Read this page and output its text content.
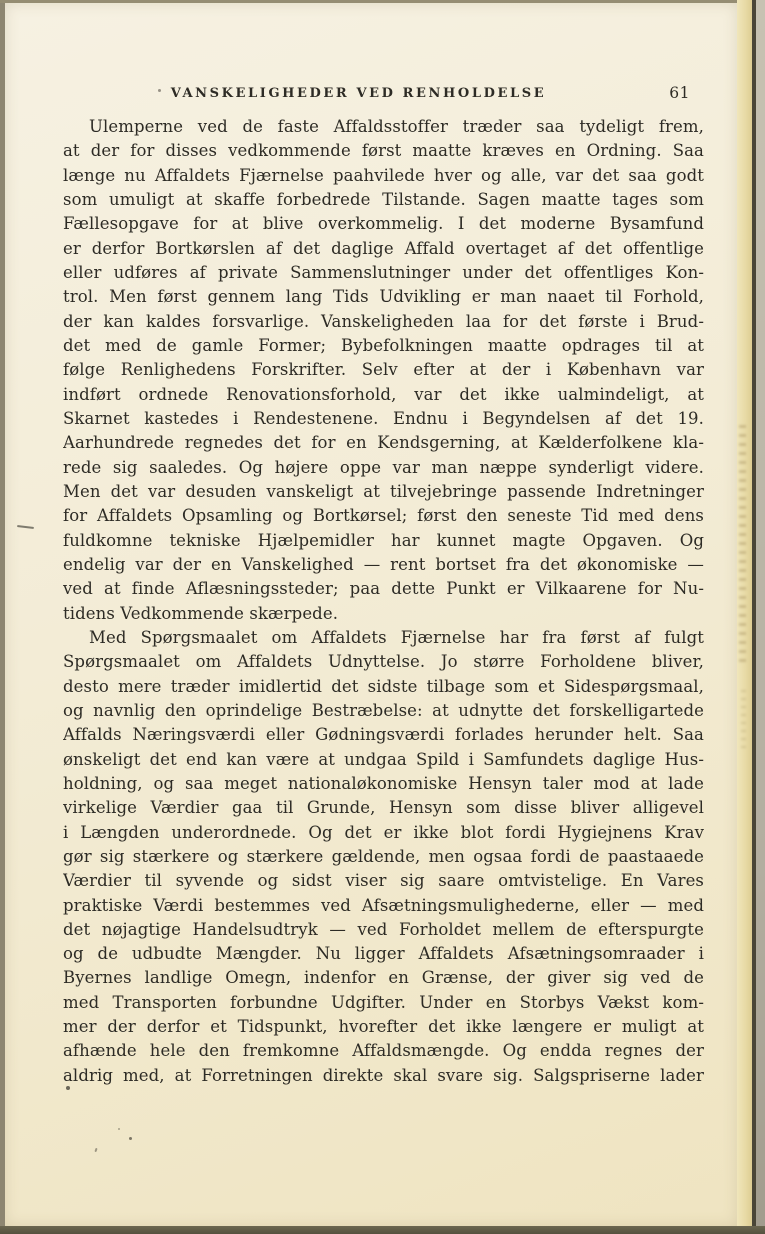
VANSKELIGHEDER VED RENHOLDELSE	61
Ulemperne ved de faste Affaldsstoffer træder saa tydeligt frem,
at der for disses vedkommende først maatte kræves en Ordning. Saa
længe nu Affaldets Fjærnelse paahvilede hver og alle, var det saa godt
som umuligt at skaffe forbedrede Tilstande. Sagen maatte tages som
Fællesopgave for at blive overkommelig. I det moderne Bysamfund
er derfor Bortkørslen af det daglige Affald overtaget af det offentlige
eller udføres af private Sammenslutninger under det offentliges Kon-
trol. Men først gennem lang Tids Udvikling er man naaet til Forhold,
der kan kaldes forsvarlige. Vanskeligheden laa for det første i Brud-
det med de gamle Former; Bybefolkningen maatte opdrages til at
følge Renlighedens Forskrifter. Selv efter at der i København var
indført ordnede Renovationsforhold, var det ikke ualmindeligt, at
Skarnet kastedes i Rendestenene. Endnu i Begyndelsen af det 19.
Aarhundrede regnedes det for en Kendsgerning, at Kælderfolkene kla-
rede sig saaledes. Og højere oppe var man næppe synderligt videre.
Men det var desuden vanskeligt at tilvejebringe passende Indretninger
for Affaldets Opsamling og Bortkørsel; først den seneste Tid med dens
fuldkomne tekniske Hjælpemidler har kunnet magte Opgaven. Og
endelig var der en Vanskelighed — rent bortset fra det økonomiske —
ved at finde Aflæsningssteder; paa dette Punkt er Vilkaarene for Nu-
tidens Vedkommende skærpede.
Med Spørgsmaalet om Affaldets Fjærnelse har fra først af fulgt
Spørgsmaalet om Affaldets Udnyttelse. Jo større Forholdene bliver,
desto mere træder imidlertid det sidste tilbage som et Sidespørgsmaal,
og navnlig den oprindelige Bestræbelse: at udnytte det forskelligartede
Affalds Næringsværdi eller Gødningsværdi forlades herunder helt. Saa
ønskeligt det end kan være at undgaa Spild i Samfundets daglige Hus-
holdning, og saa meget nationaløkonomiske Hensyn taler mod at lade
virkelige Værdier gaa til Grunde, Hensyn som disse bliver alligevel
i Længden underordnede. Og det er ikke blot fordi Hygiejnens Krav
gør sig stærkere og stærkere gældende, men ogsaa fordi de paastaaede
Værdier til syvende og sidst viser sig saare omtvistelige. En Vares
praktiske Værdi bestemmes ved Afsætningsmulighederne, eller — med
det nøjagtige Handelsudtryk — ved Forholdet mellem de efterspurgte
og de udbudte Mængder. Nu ligger Affaldets Afsætningsomraader i
Byernes landlige Omegn, indenfor en Grænse, der giver sig ved de
med Transporten forbundne Udgifter. Under en Storbys Vækst kom-
mer der derfor et Tidspunkt, hvorefter det ikke længere er muligt at
afhænde hele den fremkomne Affaldsmængde. Og endda regnes der
aldrig med, at Forretningen direkte skal svare sig. Salgspriserne lader
